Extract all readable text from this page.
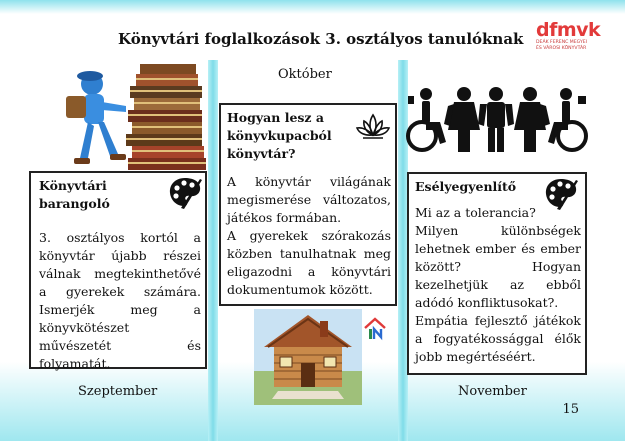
Könyvtári foglalkozások 3. osztályos tanulóknak dfmvk
DEÁK FERENC MEGYEI
ÉS VÁROSI KÖNYVTÁR
Könyvtári barangoló
3. osztályos kortól a könyvtár újabb részei válnak megtekinthetővé a gyerekek számára. Ismerjék meg a könyvkötészet művészetét és folyamatát.
Szeptember
Október
Hogyan lesz a könyvkupacból könyvtár?
A könyvtár világának megismerése változatos, játékos formában.
A gyerekek szórakozás közben tanulhatnak meg eligazodni a könyvtári dokumentumok között.
Esélyegyenlítő
Mi az a tolerancia?
Milyen különbségek lehetnek ember és ember között? Hogyan kezelhetjük az ebből adódó konfliktusokat?.
Empátia fejlesztő játékok a fogyatékossággal élők jobb megértéséért.
November
15
